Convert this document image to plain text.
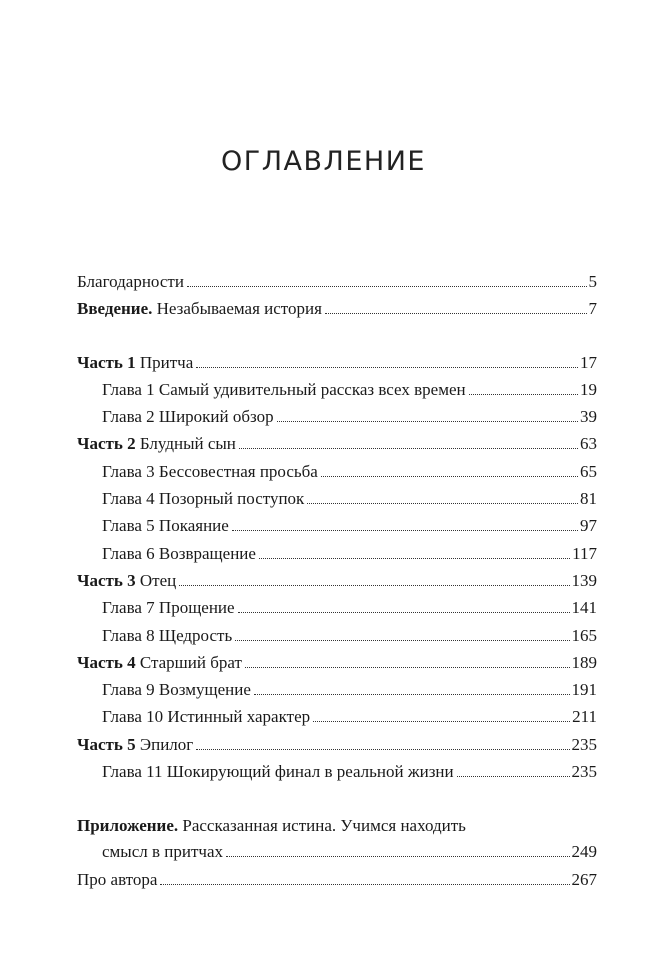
ОГЛАВЛЕНИЕ
Благодарности	5
Введение. Незабываемая история	7
Часть 1 Притча	17
Глава 1 Самый удивительный рассказ всех времен	19
Глава 2 Широкий обзор	39
Часть 2 Блудный сын	63
Глава 3 Бессовестная просьба	65
Глава 4 Позорный поступок	81
Глава 5 Покаяние	97
Глава 6 Возвращение	117
Часть 3 Отец	139
Глава 7 Прощение	141
Глава 8 Щедрость	165
Часть 4 Старший брат	189
Глава 9 Возмущение	191
Глава 10 Истинный характер	211
Часть 5 Эпилог	235
Глава 11 Шокирующий финал в реальной жизни	235
Приложение. Рассказанная истина. Учимся находить
смысл в притчах	249
Про автора	267
